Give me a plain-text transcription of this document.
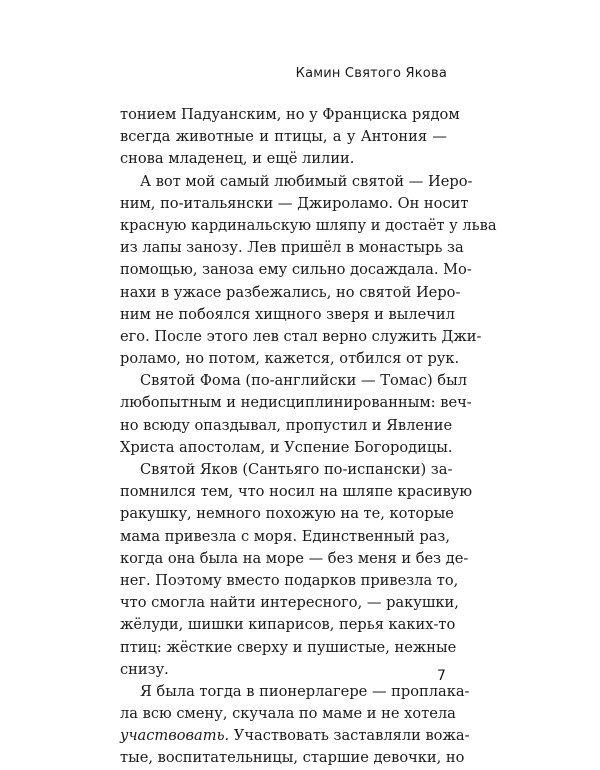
Камин Святого Якова
тонием Падуанским, но у Франциска рядом
всегда животные и птицы, а у Антония —
снова младенец, и ещё лилии.
А вот мой самый любимый святой — Иеро-
ним, по-итальянски — Джироламо. Он носит
красную кардинальскую шляпу и достаёт у льва
из лапы занозу. Лев пришёл в монастырь за
помощью, заноза ему сильно досаждала. Мо-
нахи в ужасе разбежались, но святой Иеро-
ним не побоялся хищного зверя и вылечил
его. После этого лев стал верно служить Джи-
роламо, но потом, кажется, отбился от рук.
Святой Фома (по-английски — Томас) был
любопытным и недисциплинированным: веч-
но всюду опаздывал, пропустил и Явление
Христа апостолам, и Успение Богородицы.
Святой Яков (Сантьяго по-испански) за-
помнился тем, что носил на шляпе красивую
ракушку, немного похожую на те, которые
мама привезла с моря. Единственный раз,
когда она была на море — без меня и без де-
нег. Поэтому вместо подарков привезла то,
что смогла найти интересного, — ракушки,
жёлуди, шишки кипарисов, перья каких-то
птиц: жёсткие сверху и пушистые, нежные
снизу.
Я была тогда в пионерлагере — проплака-
ла всю смену, скучала по маме и не хотела
участвовать. Участвовать заставляли вожа-
тые, воспитательницы, старшие девочки, но
7
